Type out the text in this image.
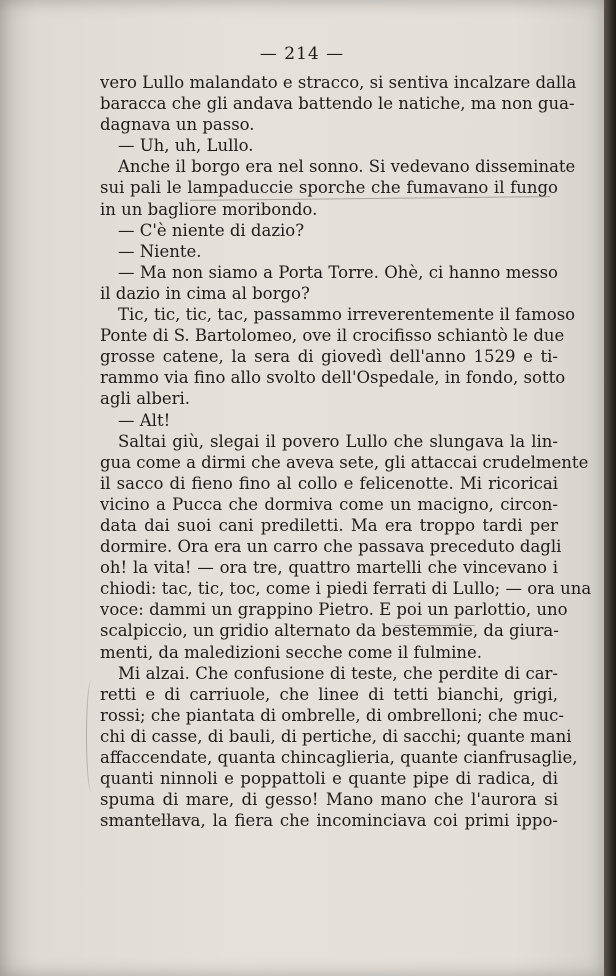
— 214 —
vero Lullo malandato e stracco, si sentiva incalzare dalla
baracca che gli andava battendo le natiche, ma non gua-
dagnava un passo.
— Uh, uh, Lullo.
Anche il borgo era nel sonno. Si vedevano disseminate
sui pali le lampaduccie sporche che fumavano il fungo
in un bagliore moribondo.
— C'è niente di dazio?
— Niente.
— Ma non siamo a Porta Torre. Ohè, ci hanno messo
il dazio in cima al borgo?
Tic, tic, tic, tac, passammo irreverentemente il famoso
Ponte di S. Bartolomeo, ove il crocifisso schiantò le due
grosse catene, la sera di giovedì dell'anno 1529 e ti-
rammo via fino allo svolto dell'Ospedale, in fondo, sotto
agli alberi.
— Alt!
Saltai giù, slegai il povero Lullo che slungava la lin-
gua come a dirmi che aveva sete, gli attaccai crudelmente
il sacco di fieno fino al collo e felicenotte. Mi ricoricai
vicino a Pucca che dormiva come un macigno, circon-
data dai suoi cani prediletti. Ma era troppo tardi per
dormire. Ora era un carro che passava preceduto dagli
oh! la vita! — ora tre, quattro martelli che vincevano i
chiodi: tac, tic, toc, come i piedi ferrati di Lullo; — ora una
voce: dammi un grappino Pietro. E poi un parlottio, uno
scalpiccio, un gridio alternato da bestemmie, da giura-
menti, da maledizioni secche come il fulmine.
Mi alzai. Che confusione di teste, che perdite di car-
retti e di carriuole, che linee di tetti bianchi, grigi,
rossi; che piantata di ombrelle, di ombrelloni; che muc-
chi di casse, di bauli, di pertiche, di sacchi; quante mani
affaccendate, quanta chincaglieria, quante cianfrusaglie,
quanti ninnoli e poppattoli e quante pipe di radica, di
spuma di mare, di gesso! Mano mano che l'aurora si
smantellava, la fiera che incominciava coi primi ippo-
